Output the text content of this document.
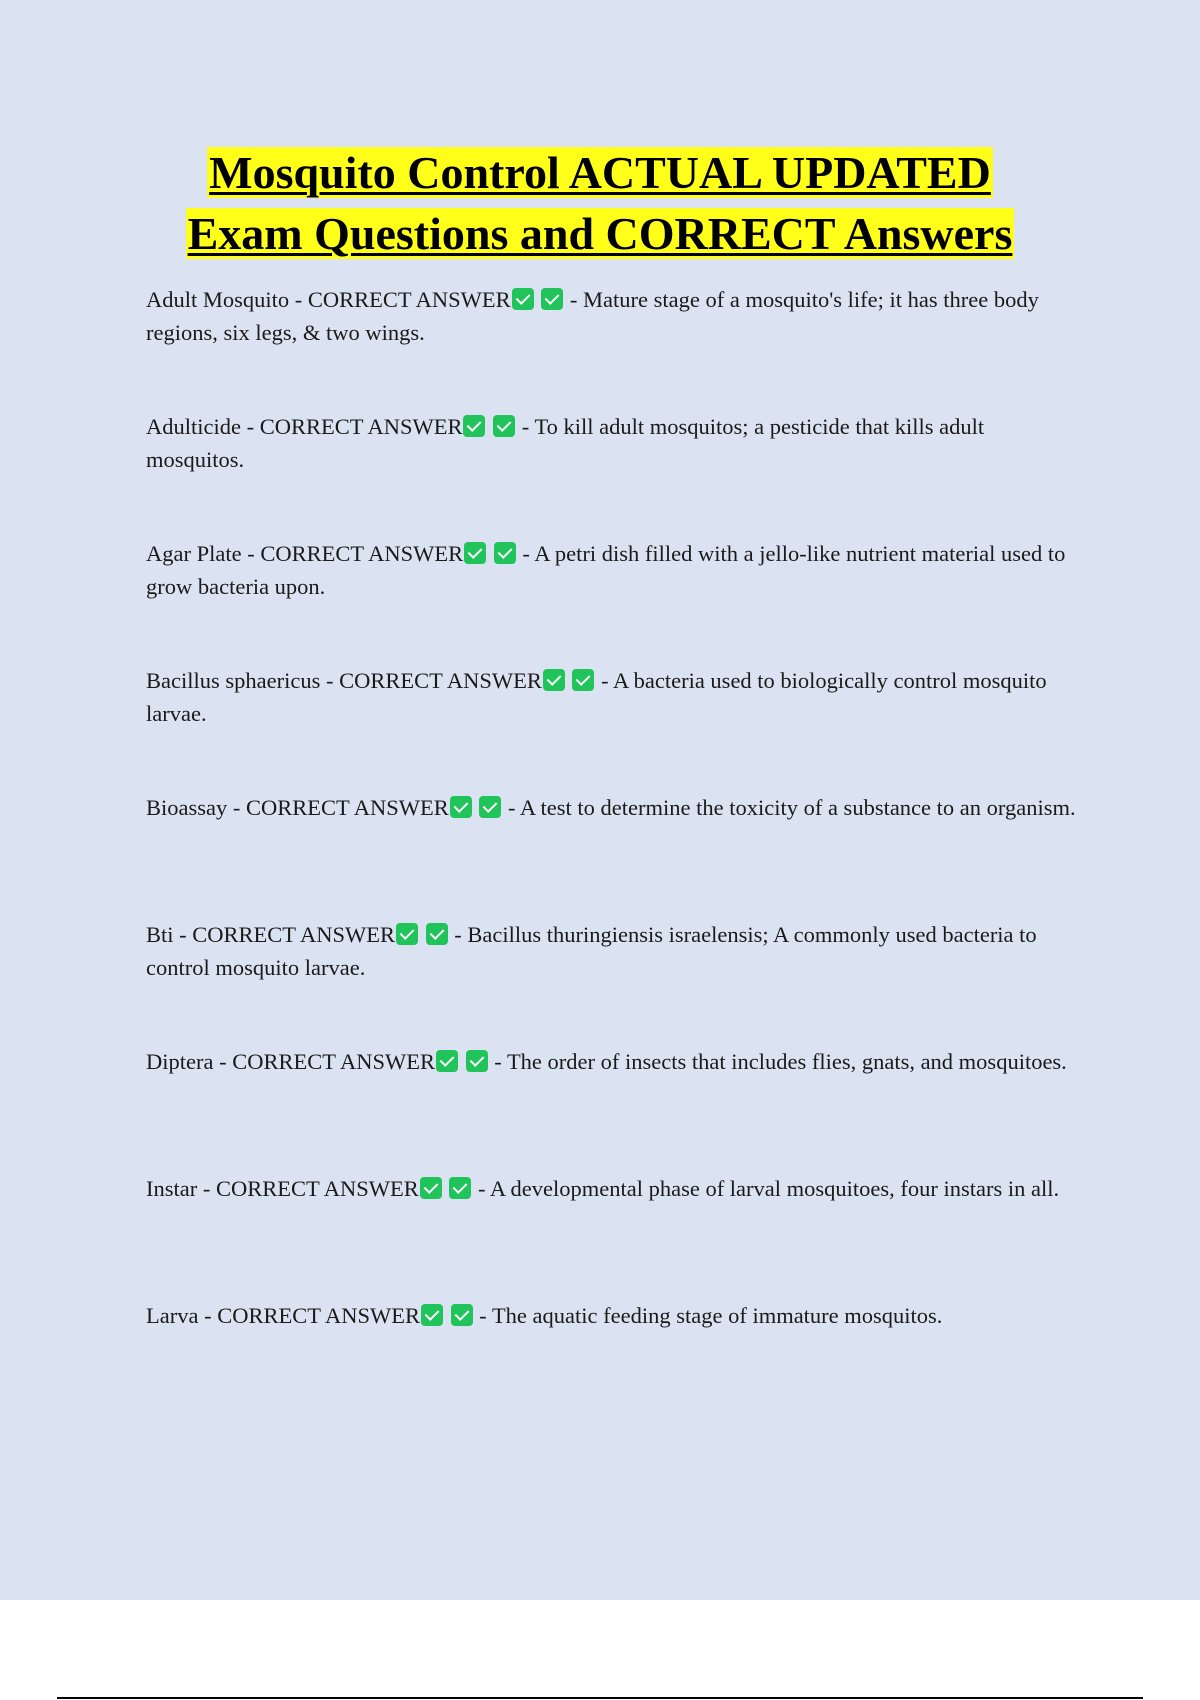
Mosquito Control ACTUAL UPDATED
Exam Questions and CORRECT Answers
Adult Mosquito - CORRECT ANSWER  - Mature stage of a mosquito's life; it has three body regions, six legs, & two wings.
Adulticide - CORRECT ANSWER  - To kill adult mosquitos; a pesticide that kills adult mosquitos.
Agar Plate - CORRECT ANSWER  - A petri dish filled with a jello-like nutrient material used to grow bacteria upon.
Bacillus sphaericus - CORRECT ANSWER  - A bacteria used to biologically control mosquito larvae.
Bioassay - CORRECT ANSWER  - A test to determine the toxicity of a substance to an organism.
Bti - CORRECT ANSWER  - Bacillus thuringiensis israelensis; A commonly used bacteria to control mosquito larvae.
Diptera - CORRECT ANSWER  - The order of insects that includes flies, gnats, and mosquitoes.
Instar - CORRECT ANSWER  - A developmental phase of larval mosquitoes, four instars in all.
Larva - CORRECT ANSWER  - The aquatic feeding stage of immature mosquitos.
